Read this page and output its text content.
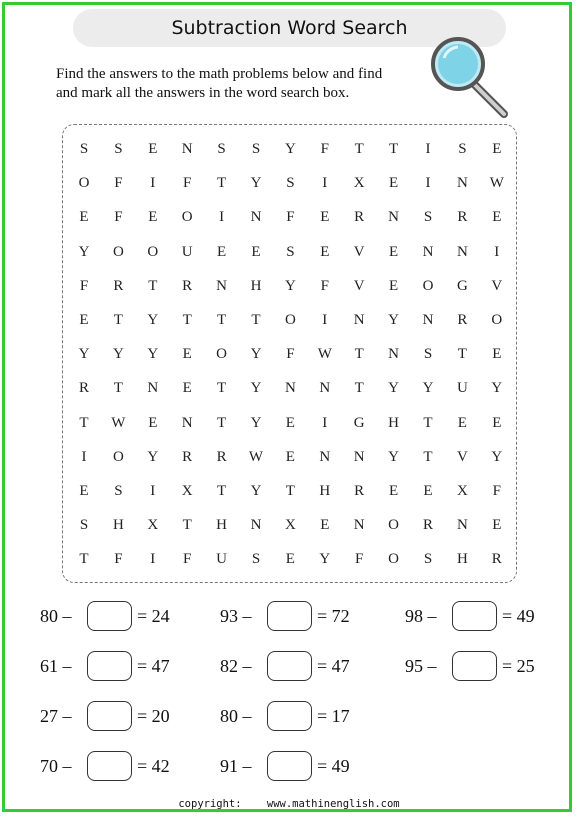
Subtraction Word Search
Find the answers to the math problems below and find
and mark all the answers in the word search box.
S	S	E	N	S	S	Y	F	T	T	I	S	E
O	F	I	F	T	Y	S	I	X	E	I	N	W
E	F	E	O	I	N	F	E	R	N	S	R	E
Y	O	O	U	E	E	S	E	V	E	N	N	I
F	R	T	R	N	H	Y	F	V	E	O	G	V
E	T	Y	T	T	T	O	I	N	Y	N	R	O
Y	Y	Y	E	O	Y	F	W	T	N	S	T	E
R	T	N	E	T	Y	N	N	T	Y	Y	U	Y
T	W	E	N	T	Y	E	I	G	H	T	E	E
I	O	Y	R	R	W	E	N	N	Y	T	V	Y
E	S	I	X	T	Y	T	H	R	E	E	X	F
S	H	X	T	H	N	X	E	N	O	R	N	E
T	F	I	F	U	S	E	Y	F	O	S	H	R
80 –	= 24	93 –	= 72	98 –	= 49
61 –	= 47	82 –	= 47	95 –	= 25
27 –	= 20	80 –	= 17
70 –	= 42	91 –	= 49
copyright: www.mathinenglish.com
